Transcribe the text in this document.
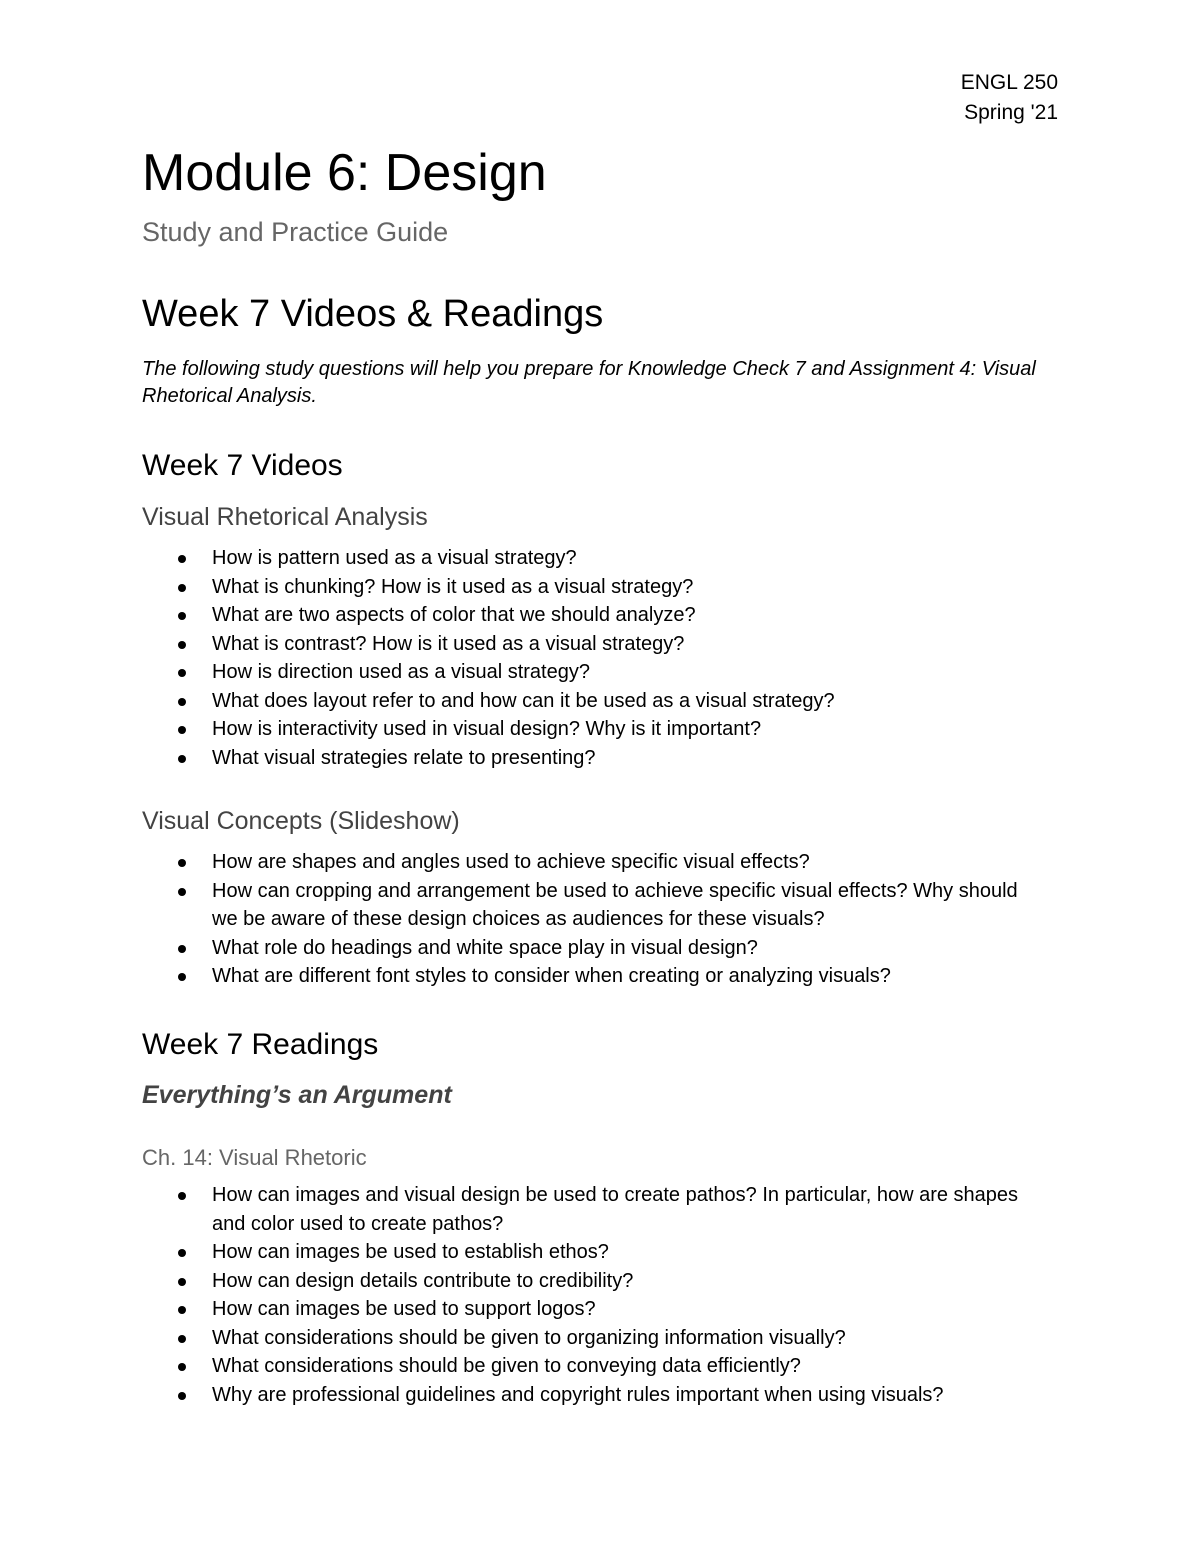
ENGL 250
Spring '21
Module 6: Design
Study and Practice Guide
Week 7 Videos & Readings

The following study questions will help you prepare for Knowledge Check 7 and Assignment 4: Visual Rhetorical Analysis.

Week 7 Videos
Visual Rhetorical Analysis
How is pattern used as a visual strategy?
What is chunking? How is it used as a visual strategy?
What are two aspects of color that we should analyze?
What is contrast? How is it used as a visual strategy?
How is direction used as a visual strategy?
What does layout refer to and how can it be used as a visual strategy?
How is interactivity used in visual design? Why is it important?
What visual strategies relate to presenting?
Visual Concepts (Slideshow)
How are shapes and angles used to achieve specific visual effects?
How can cropping and arrangement be used to achieve specific visual effects? Why should we be aware of these design choices as audiences for these visuals?
What role do headings and white space play in visual design?
What are different font styles to consider when creating or analyzing visuals?
Week 7 Readings
Everything’s an Argument
Ch. 14: Visual Rhetoric
How can images and visual design be used to create pathos? In particular, how are shapes and color used to create pathos?
How can images be used to establish ethos?
How can design details contribute to credibility?
How can images be used to support logos?
What considerations should be given to organizing information visually?
What considerations should be given to conveying data efficiently?
Why are professional guidelines and copyright rules important when using visuals?
